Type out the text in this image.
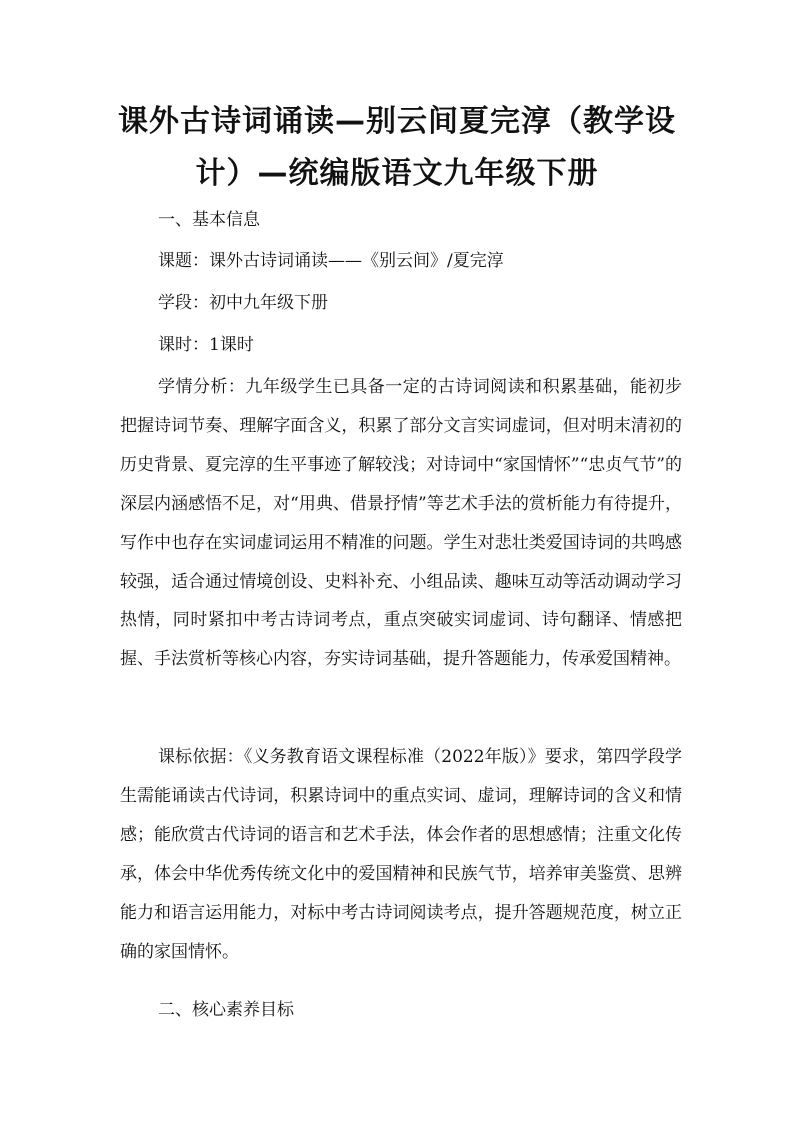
课外古诗词诵读—别云间夏完淳（教学设计）—统编版语文九年级下册
一、基本信息
课题：课外古诗词诵读——《别云间》/夏完淳
学段：初中九年级下册
课时：1课时

学情分析：九年级学生已具备一定的古诗词阅读和积累基础，能初步把握诗词节奏、理解字面含义，积累了部分文言实词虚词，但对明末清初的历史背景、夏完淳的生平事迹了解较浅；对诗词中“家国情怀”“忠贞气节”的深层内涵感悟不足，对“用典、借景抒情”等艺术手法的赏析能力有待提升，写作中也存在实词虚词运用不精准的问题。学生对悲壮类爱国诗词的共鸣感较强，适合通过情境创设、史料补充、小组品读、趣味互动等活动调动学习热情，同时紧扣中考古诗词考点，重点突破实词虚词、诗句翻译、情感把握、手法赏析等核心内容，夯实诗词基础，提升答题能力，传承爱国精神。

课标依据：《义务教育语文课程标准（2022年版）》要求，第四学段学生需能诵读古代诗词，积累诗词中的重点实词、虚词，理解诗词的含义和情感；能欣赏古代诗词的语言和艺术手法，体会作者的思想感情；注重文化传承，体会中华优秀传统文化中的爱国精神和民族气节，培养审美鉴赏、思辨能力和语言运用能力，对标中考古诗词阅读考点，提升答题规范度，树立正确的家国情怀。

二、核心素养目标
